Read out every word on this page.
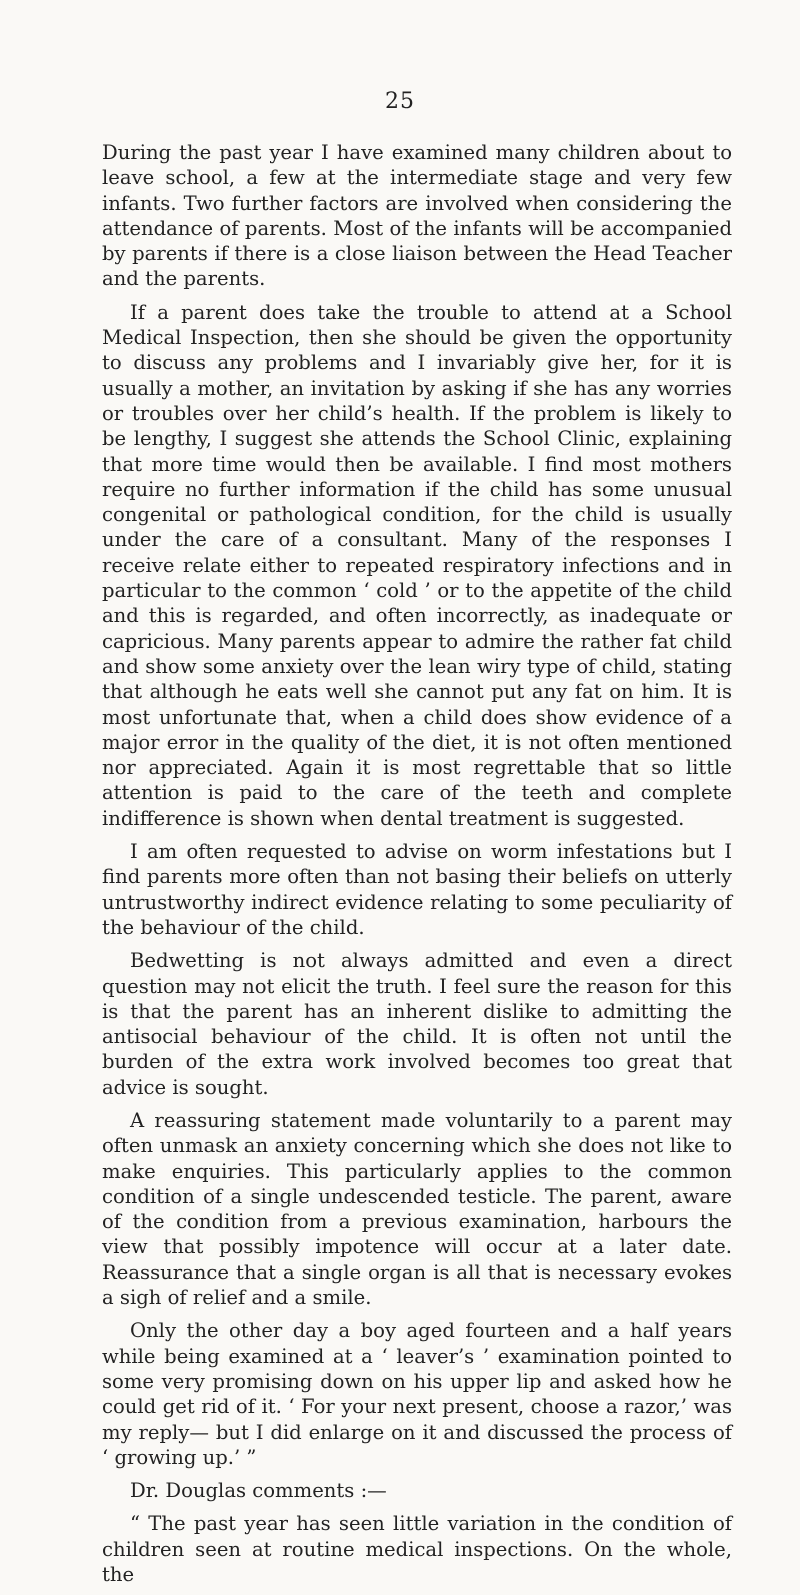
25

During the past year I have examined many children about to leave school, a few at the intermediate stage and very few infants. Two further factors are involved when considering the attendance of parents. Most of the infants will be accompanied by parents if there is a close liaison between the Head Teacher and the parents.

If a parent does take the trouble to attend at a School Medical Inspection, then she should be given the opportunity to discuss any problems and I invariably give her, for it is usually a mother, an invitation by asking if she has any worries or troubles over her child’s health. If the problem is likely to be lengthy, I suggest she attends the School Clinic, explaining that more time would then be available. I find most mothers require no further information if the child has some unusual congenital or pathological condition, for the child is usually under the care of a consultant. Many of the responses I receive relate either to repeated respiratory infections and in particular to the common ‘ cold ’ or to the appetite of the child and this is regarded, and often incorrectly, as inadequate or capricious. Many parents appear to admire the rather fat child and show some anxiety over the lean wiry type of child, stating that although he eats well she cannot put any fat on him. It is most unfortunate that, when a child does show evidence of a major error in the quality of the diet, it is not often mentioned nor appreciated. Again it is most regrettable that so little attention is paid to the care of the teeth and complete indifference is shown when dental treatment is suggested.

I am often requested to advise on worm infestations but I find parents more often than not basing their beliefs on utterly untrustworthy indirect evidence relating to some peculiarity of the behaviour of the child.

Bedwetting is not always admitted and even a direct question may not elicit the truth. I feel sure the reason for this is that the parent has an inherent dislike to admitting the antisocial behaviour of the child. It is often not until the burden of the extra work involved becomes too great that advice is sought.

A reassuring statement made voluntarily to a parent may often unmask an anxiety concerning which she does not like to make enquiries. This particularly applies to the common condition of a single undescended testicle. The parent, aware of the condition from a previous examination, harbours the view that possibly impotence will occur at a later date. Reassurance that a single organ is all that is necessary evokes a sigh of relief and a smile.

Only the other day a boy aged fourteen and a half years while being examined at a ‘ leaver’s ’ examination pointed to some very promising down on his upper lip and asked how he could get rid of it. ‘ For your next present, choose a razor,’ was my reply— but I did enlarge on it and discussed the process of ‘ growing up.’ ”

Dr. Douglas comments :—

“ The past year has seen little variation in the condition of children seen at routine medical inspections. On the whole, the
